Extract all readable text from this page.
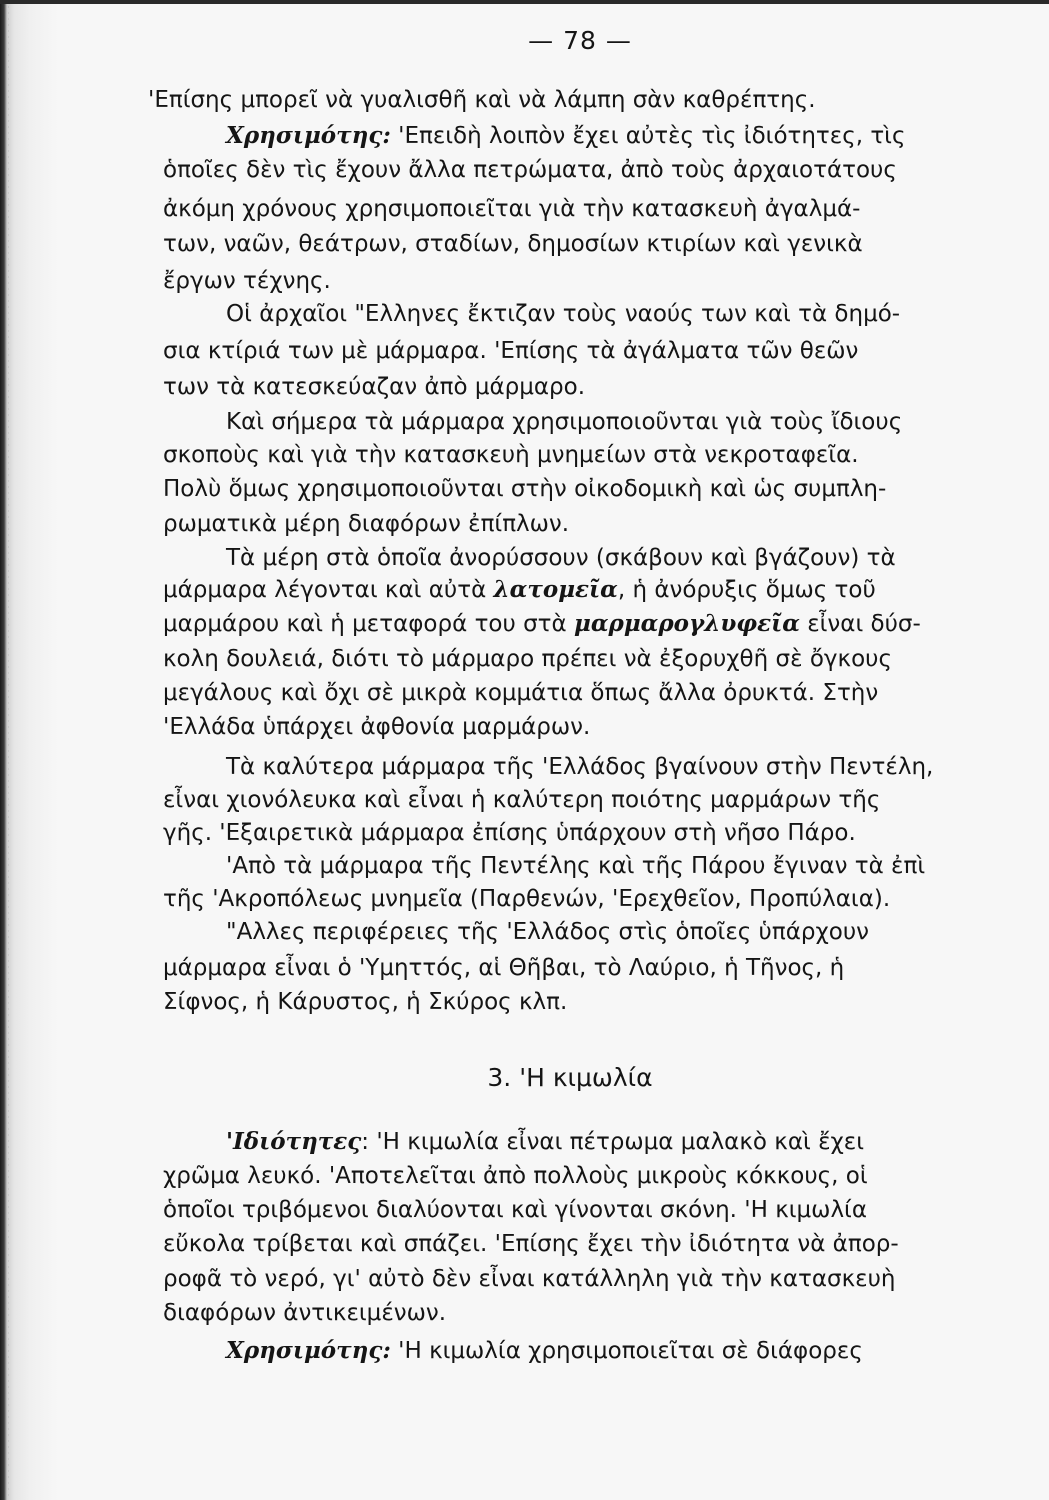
— 78 —
'Επίσης μπορεῖ νὰ γυαλισθῆ καὶ νὰ λάμπη σὰν καθρέπτης.
Χρησιμότης: 'Επειδὴ λοιπὸν ἔχει αὐτὲς τὶς ἰδιότητες, τὶς
ὁποῖες δὲν τὶς ἔχουν ἄλλα πετρώματα, ἀπὸ τοὺς ἀρχαιοτάτους
ἀκόμη χρόνους χρησιμοποιεῖται γιὰ τὴν κατασκευὴ ἀγαλμά-
των, ναῶν, θεάτρων, σταδίων, δημοσίων κτιρίων καὶ γενικὰ
ἔργων τέχνης.
Οἱ ἀρχαῖοι "Ελληνες ἔκτιζαν τοὺς ναούς των καὶ τὰ δημό-
σια κτίριά των μὲ μάρμαρα. 'Επίσης τὰ ἀγάλματα τῶν θεῶν
των τὰ κατεσκεύαζαν ἀπὸ μάρμαρο.
Καὶ σήμερα τὰ μάρμαρα χρησιμοποιοῦνται γιὰ τοὺς ἴδιους
σκοποὺς καὶ γιὰ τὴν κατασκευὴ μνημείων στὰ νεκροταφεῖα.
Πολὺ ὅμως χρησιμοποιοῦνται στὴν οἰκοδομικὴ καὶ ὡς συμπλη-
ρωματικὰ μέρη διαφόρων ἐπίπλων.
Τὰ μέρη στὰ ὁποῖα ἀνορύσσουν (σκάβουν καὶ βγάζουν) τὰ
μάρμαρα λέγονται καὶ αὐτὰ λατομεῖα, ἡ ἀνόρυξις ὅμως τοῦ
μαρμάρου καὶ ἡ μεταφορά του στὰ μαρμαρογλυφεῖα εἶναι δύσ-
κολη δουλειά, διότι τὸ μάρμαρο πρέπει νὰ ἐξορυχθῆ σὲ ὄγκους
μεγάλους καὶ ὄχι σὲ μικρὰ κομμάτια ὅπως ἄλλα ὀρυκτά. Στὴν
'Ελλάδα ὑπάρχει ἀφθονία μαρμάρων.
Τὰ καλύτερα μάρμαρα τῆς 'Ελλάδος βγαίνουν στὴν Πεντέλη,
εἶναι χιονόλευκα καὶ εἶναι ἡ καλύτερη ποιότης μαρμάρων τῆς
γῆς. 'Εξαιρετικὰ μάρμαρα ἐπίσης ὑπάρχουν στὴ νῆσο Πάρο.
'Απὸ τὰ μάρμαρα τῆς Πεντέλης καὶ τῆς Πάρου ἔγιναν τὰ ἐπὶ
τῆς 'Ακροπόλεως μνημεῖα (Παρθενών, 'Ερεχθεῖον, Προπύλαια).
"Αλλες περιφέρειες τῆς 'Ελλάδος στὶς ὁποῖες ὑπάρχουν
μάρμαρα εἶναι ὁ 'Υμηττός, αἱ Θῆβαι, τὸ Λαύριο, ἡ Τῆνος, ἡ
Σίφνος, ἡ Κάρυστος, ἡ Σκύρος κλπ.
3. 'Η κιμωλία
'Ιδιότητες: 'Η κιμωλία εἶναι πέτρωμα μαλακὸ καὶ ἔχει
χρῶμα λευκό. 'Αποτελεῖται ἀπὸ πολλοὺς μικροὺς κόκκους, οἱ
ὁποῖοι τριβόμενοι διαλύονται καὶ γίνονται σκόνη. 'Η κιμωλία
εὔκολα τρίβεται καὶ σπάζει. 'Επίσης ἔχει τὴν ἰδιότητα νὰ ἀπορ-
ροφᾶ τὸ νερό, γι' αὐτὸ δὲν εἶναι κατάλληλη γιὰ τὴν κατασκευὴ
διαφόρων ἀντικειμένων.
Χρησιμότης: 'Η κιμωλία χρησιμοποιεῖται σὲ διάφορες
